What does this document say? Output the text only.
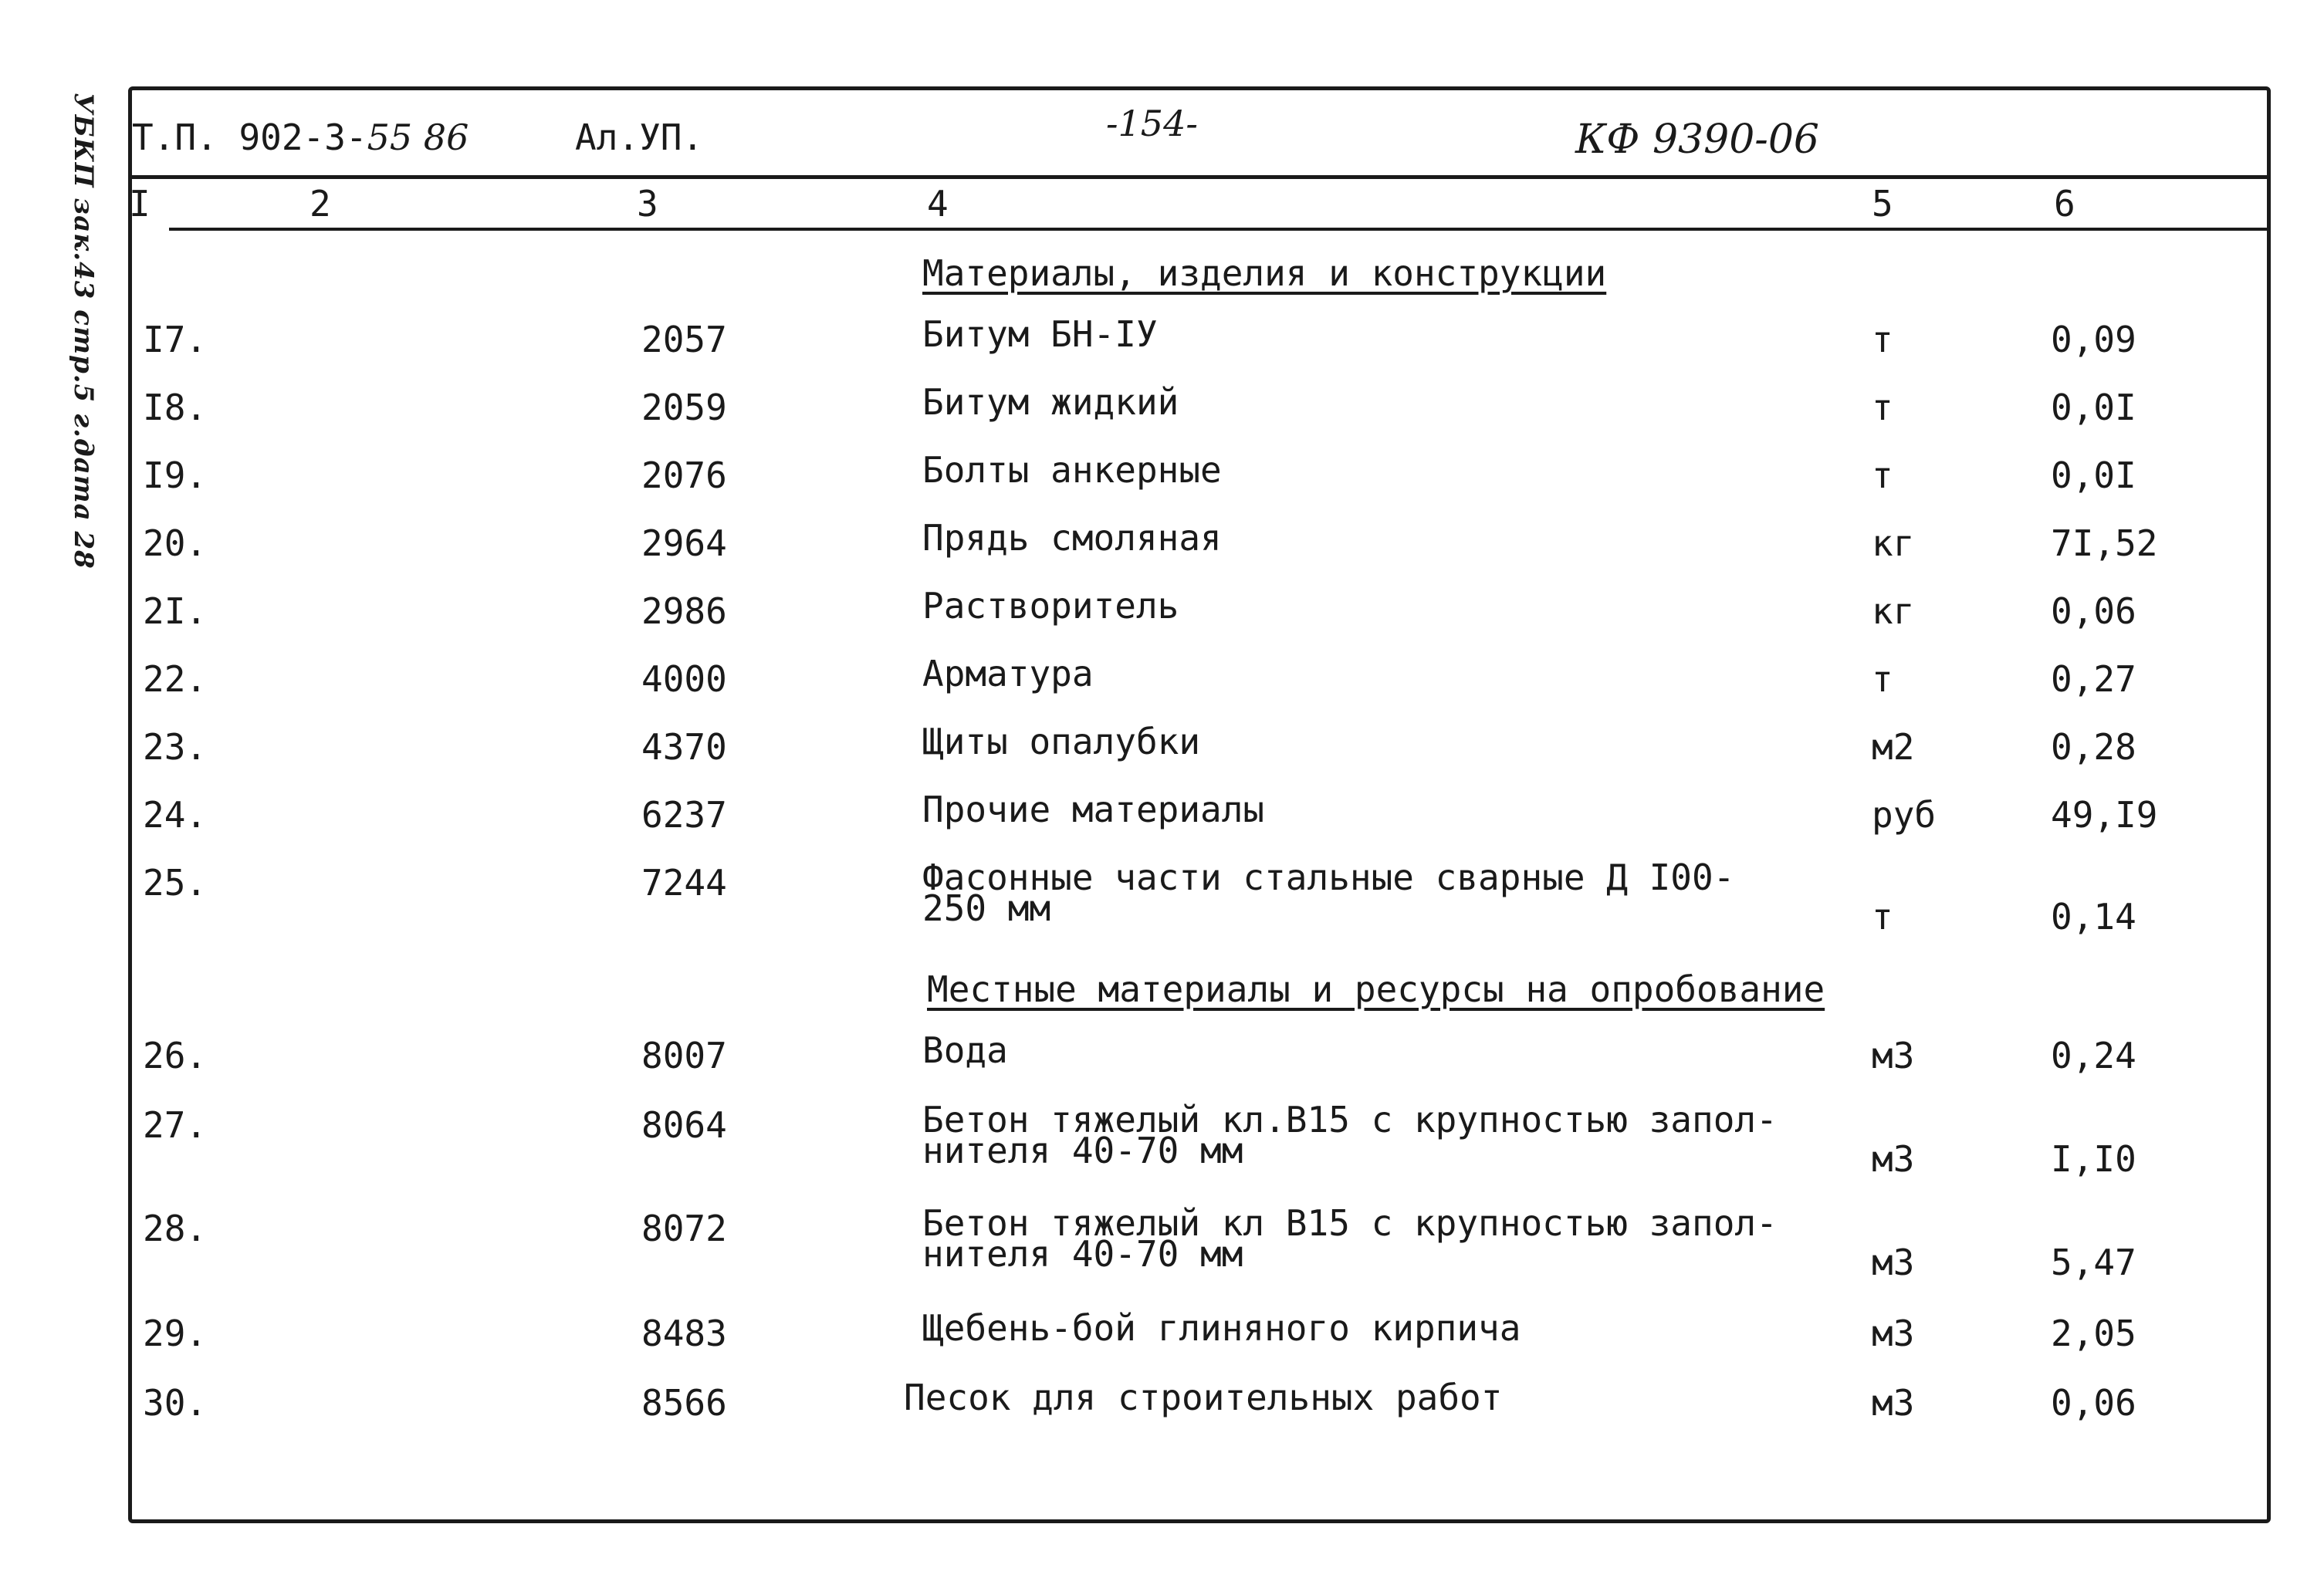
УБКП зак.43 стр.5 г.дата 28 Т.П. 902-3-55 86	Ал.УП.	-154-	КФ 9390-06
I	2	3	4	5	6
Материалы, изделия и конструкции
Местные материалы и ресурсы на опробование
I7.	2057	Битум БН-IУ	т	0,09
I8.	2059	Битум жидкий	т	0,0I
I9.	2076	Болты анкерные	т	0,0I
20.	2964	Прядь смоляная	кг	7I,52
2I.	2986	Растворитель	кг	0,06
22.	4000	Арматура	т	0,27
23.	4370	Щиты опалубки	м2	0,28
24.	6237	Прочие материалы	руб	49,I9
25.	7244	Фасонные части стальные сварные Д I00-
250 мм	т	0,14
26.	8007	Вода	м3	0,24
27.	8064	Бетон тяжелый кл.В15 с крупностью запол-
нителя 40-70 мм	м3	I,I0
28.	8072	Бетон тяжелый кл В15 с крупностью запол-
нителя 40-70 мм	м3	5,47
29.	8483	Щебень-бой глиняного кирпича	м3	2,05
30.	8566	Песок для строительных работ	м3	0,06
